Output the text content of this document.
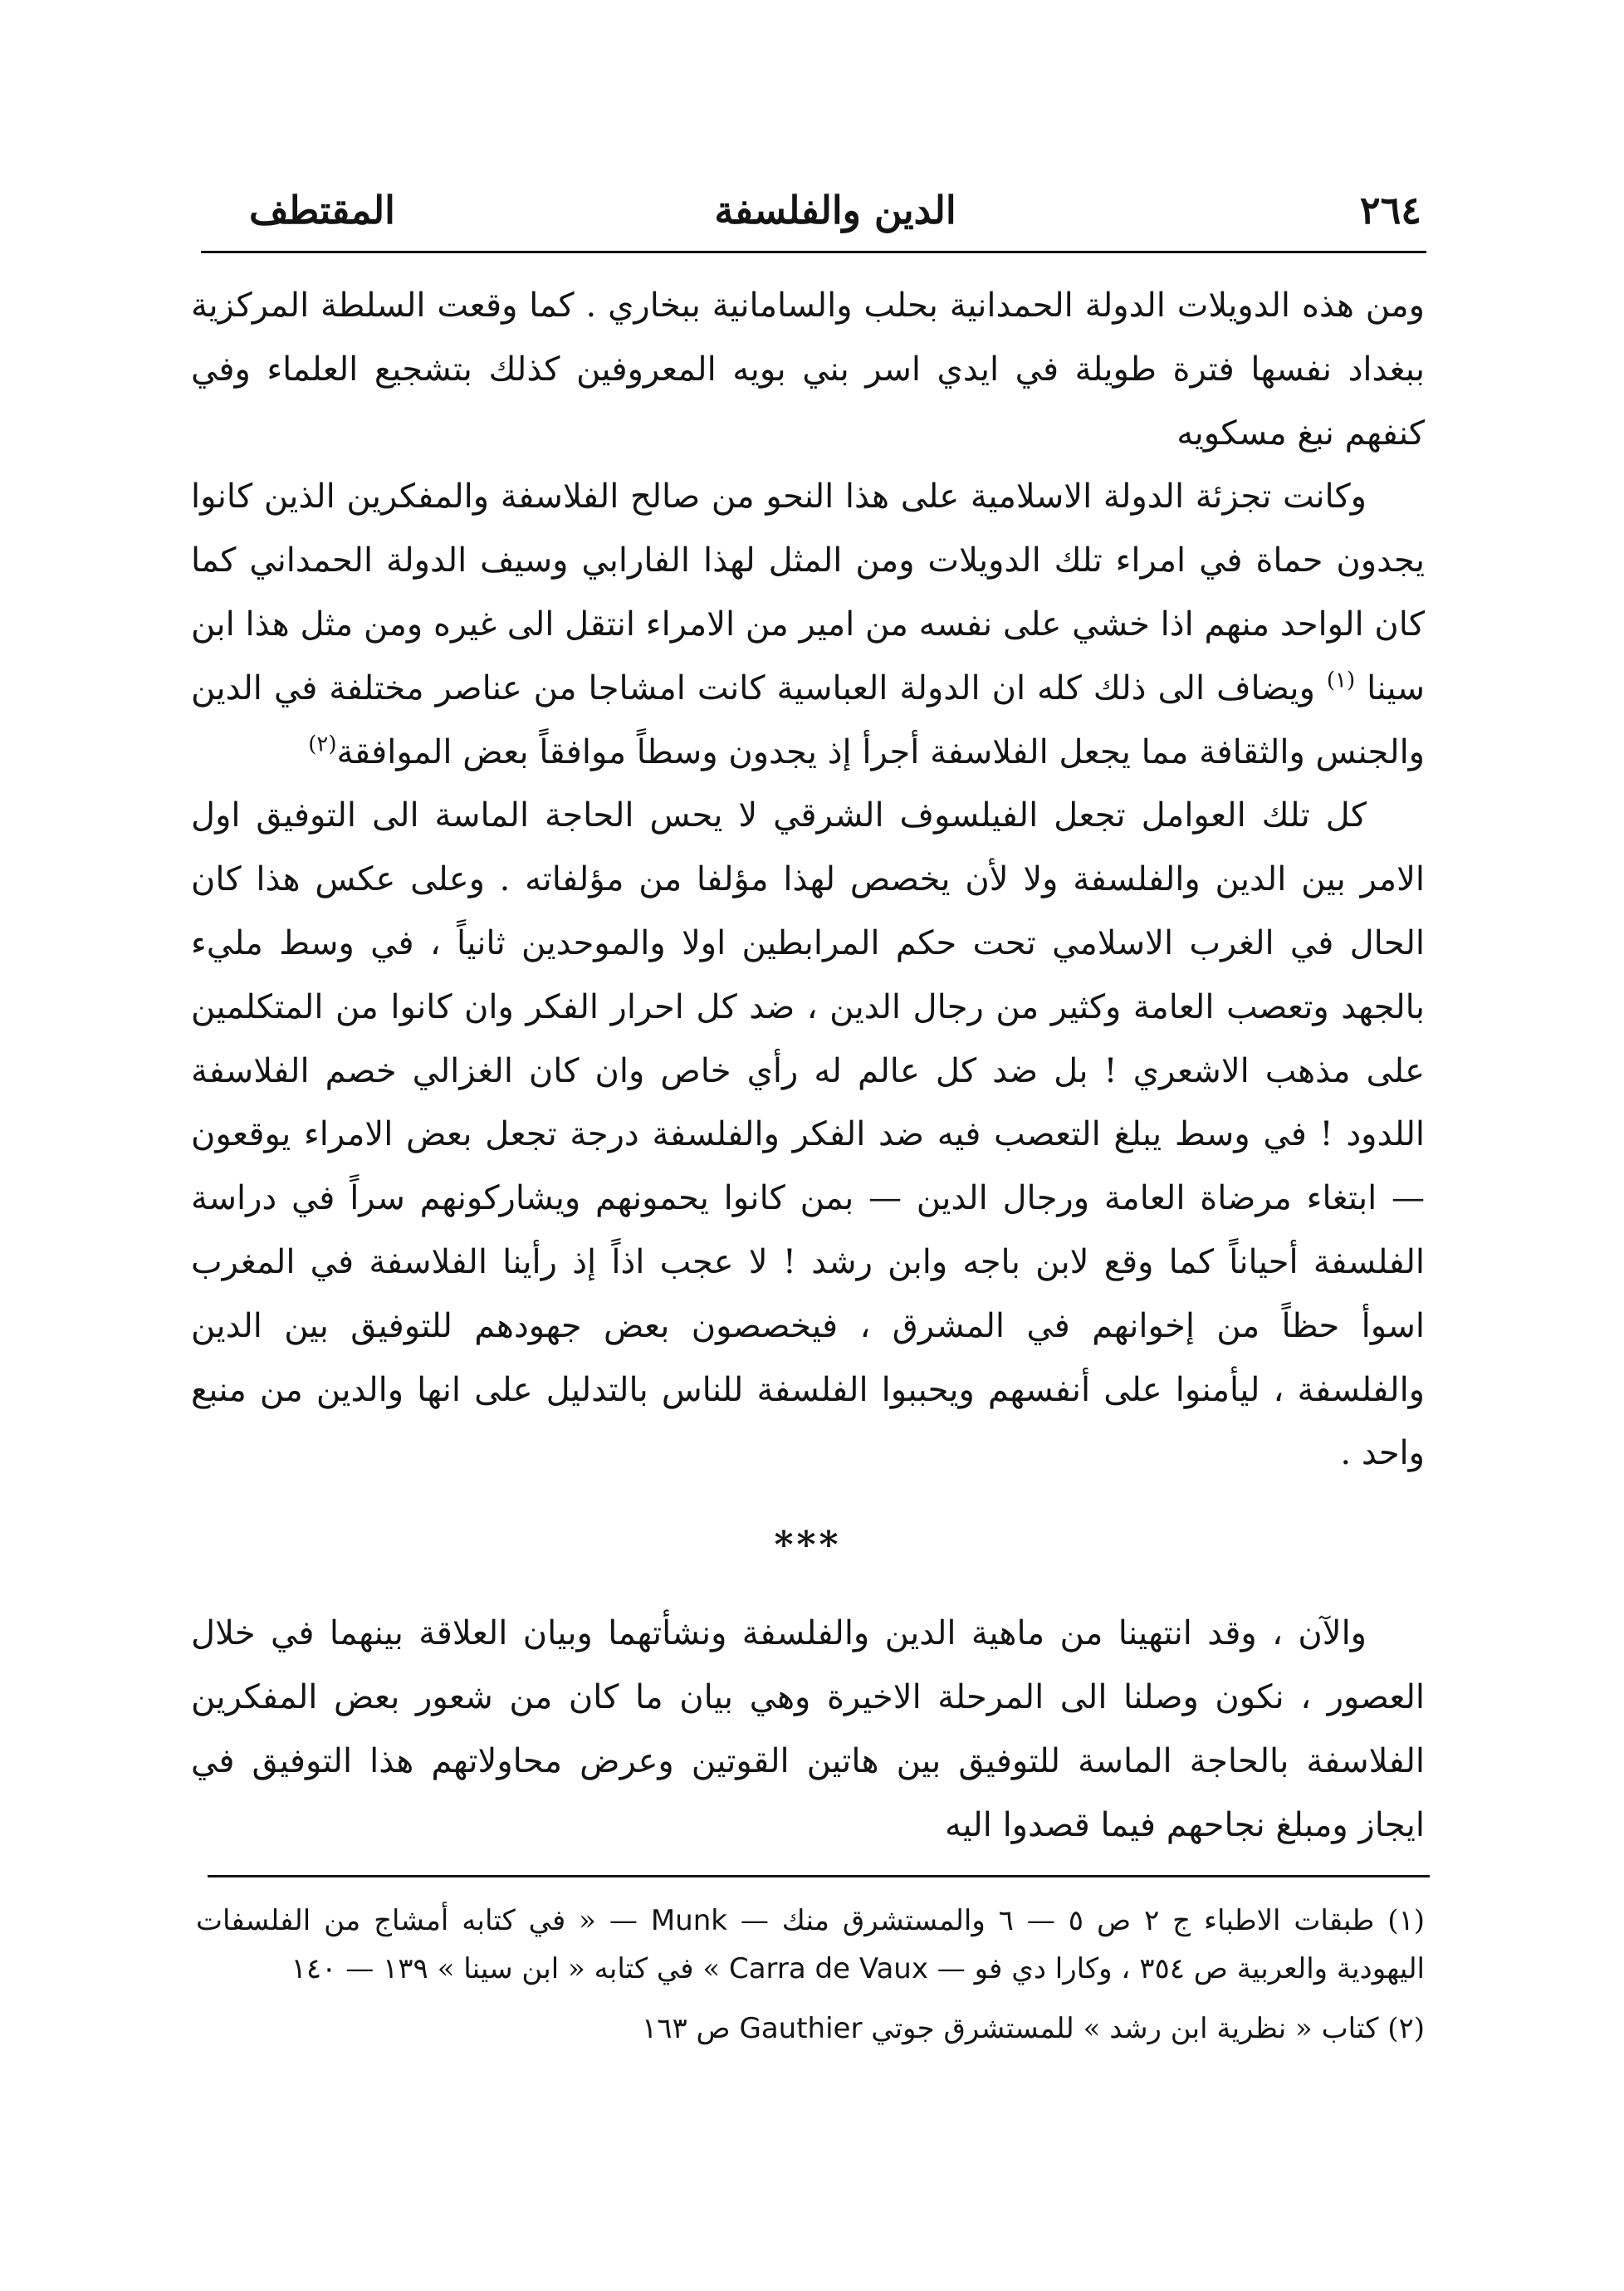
٢٦٤
الدين والفلسفة
المقتطف

ومن هذه الدويلات الدولة الحمدانية بحلب والسامانية ببخاري . كما وقعت السلطة المركزية ببغداد نفسها فترة طويلة في ايدي اسر بني بويه المعروفين كذلك بتشجيع العلماء وفي كنفهم نبغ مسكويه

وكانت تجزئة الدولة الاسلامية على هذا النحو من صالح الفلاسفة والمفكرين الذين كانوا يجدون حماة في امراء تلك الدويلات ومن المثل لهذا الفارابي وسيف الدولة الحمداني كما كان الواحد منهم اذا خشي على نفسه من امير من الامراء انتقل الى غيره ومن مثل هذا ابن سينا $^{(١)}$ ويضاف الى ذلك كله ان الدولة العباسية كانت امشاجا من عناصر مختلفة في الدين والجنس والثقافة مما يجعل الفلاسفة أجرأ إذ يجدون وسطاً موافقاً بعض الموافقة$^{(٢)}$

كل تلك العوامل تجعل الفيلسوف الشرقي لا يحس الحاجة الماسة الى التوفيق اول الامر بين الدين والفلسفة ولا لأن يخصص لهذا مؤلفا من مؤلفاته . وعلى عكس هذا كان الحال في الغرب الاسلامي تحت حكم المرابطين اولا والموحدين ثانياً ، في وسط مليء بالجهد وتعصب العامة وكثير من رجال الدين ، ضد كل احرار الفكر وان كانوا من المتكلمين على مذهب الاشعري ! بل ضد كل عالم له رأي خاص وان كان الغزالي خصم الفلاسفة اللدود ! في وسط يبلغ التعصب فيه ضد الفكر والفلسفة درجة تجعل بعض الامراء يوقعون — ابتغاء مرضاة العامة ورجال الدين — بمن كانوا يحمونهم ويشاركونهم سراً في دراسة الفلسفة أحياناً كما وقع لابن باجه وابن رشد ! لا عجب اذاً إذ رأينا الفلاسفة في المغرب اسوأ حظاً من إخوانهم في المشرق ، فيخصصون بعض جهودهم للتوفيق بين الدين والفلسفة ، ليأمنوا على أنفسهم ويحببوا الفلسفة للناس بالتدليل على انها والدين من منبع واحد .

***

والآن ، وقد انتهينا من ماهية الدين والفلسفة ونشأتهما وبيان العلاقة بينهما في خلال العصور ، نكون وصلنا الى المرحلة الاخيرة وهي بيان ما كان من شعور بعض المفكرين الفلاسفة بالحاجة الماسة للتوفيق بين هاتين القوتين وعرض محاولاتهم هذا التوفيق في ايجاز ومبلغ نجاحهم فيما قصدوا اليه

(١) طبقات الاطباء ج ٢ ص ٥ — ٦ والمستشرق منك — Munk — « في كتابه أمشاج من الفلسفات اليهودية والعربية ص ٣٥٤ ، وكارا دي فو — Carra de Vaux » في كتابه « ابن سينا » ١٣٩ — ١٤٠

(٢) كتاب « نظرية ابن رشد » للمستشرق جوتي Gauthier ص ١٦٣
